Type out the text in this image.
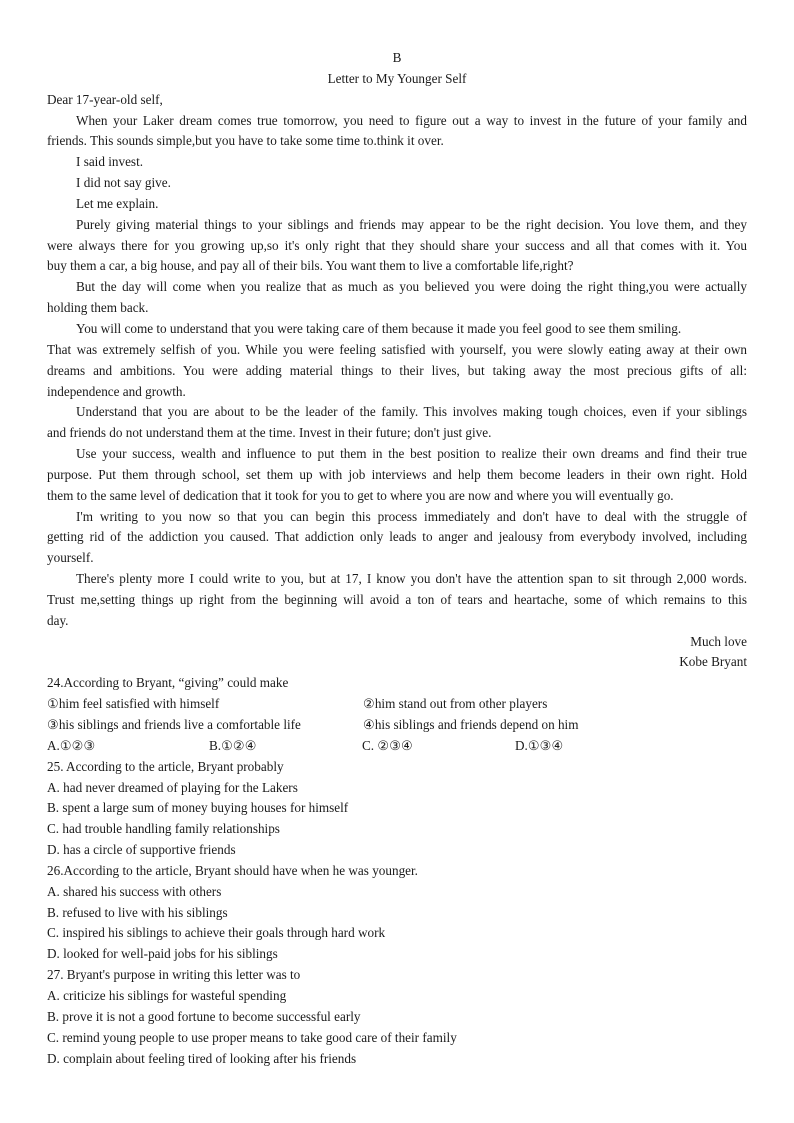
B
Letter to My Younger Self
Dear 17-year-old self,
When your Laker dream comes true tomorrow, you need to figure out a way to invest in the future of your family and
friends. This sounds simple,but you have to take some time to.think it over.
I said invest.
I did not say give.
Let me explain.
Purely giving material things to your siblings and friends may appear to be the right decision. You love them, and they
were always there for you growing up,so it's only right that they should share your success and all that comes with it. You
buy them a car, a big house, and pay all of their bils. You want them to live a comfortable life,right?
But the day will come when you realize that as much as you believed you were doing the right thing,you were actually
holding them back.
You will come to understand that you were taking care of them because it made you feel good to see them smiling.
That was extremely selfish of you. While you were feeling satisfied with yourself, you were slowly eating away at their own
dreams and ambitions. You were adding material things to their lives, but taking away the most precious gifts of all:
independence and growth.
Understand that you are about to be the leader of the family. This involves making tough choices, even if your siblings
and friends do not understand them at the time. Invest in their future; don't just give.
Use your success, wealth and influence to put them in the best position to realize their own dreams and find their true
purpose. Put them through school, set them up with job interviews and help them become leaders in their own right. Hold
them to the same level of dedication that it took for you to get to where you are now and where you will eventually go.
I'm writing to you now so that you can begin this process immediately and don't have to deal with the struggle of
getting rid of the addiction you caused. That addiction only leads to anger and jealousy from everybody involved, including
yourself.
There's plenty more I could write to you, but at 17, I know you don't have the attention span to sit through 2,000 words.
Trust me,setting things up right from the beginning will avoid a ton of tears and heartache, some of which remains to this
day.
Much love
Kobe Bryant
24.According to Bryant, “giving” could make
①him feel satisfied with himself	②him stand out from other players
③his siblings and friends live a comfortable life	④his siblings and friends depend on him
A.①②③	B.①②④	C. ②③④	D.①③④
25. According to the article, Bryant probably
A. had never dreamed of playing for the Lakers
B. spent a large sum of money buying houses for himself
C. had trouble handling family relationships
D. has a circle of supportive friends
26.According to the article, Bryant should have when he was younger.
A. shared his success with others
B. refused to live with his siblings
C. inspired his siblings to achieve their goals through hard work
D. looked for well-paid jobs for his siblings
27. Bryant's purpose in writing this letter was to
A. criticize his siblings for wasteful spending
B. prove it is not a good fortune to become successful early
C. remind young people to use proper means to take good care of their family
D. complain about feeling tired of looking after his friends
